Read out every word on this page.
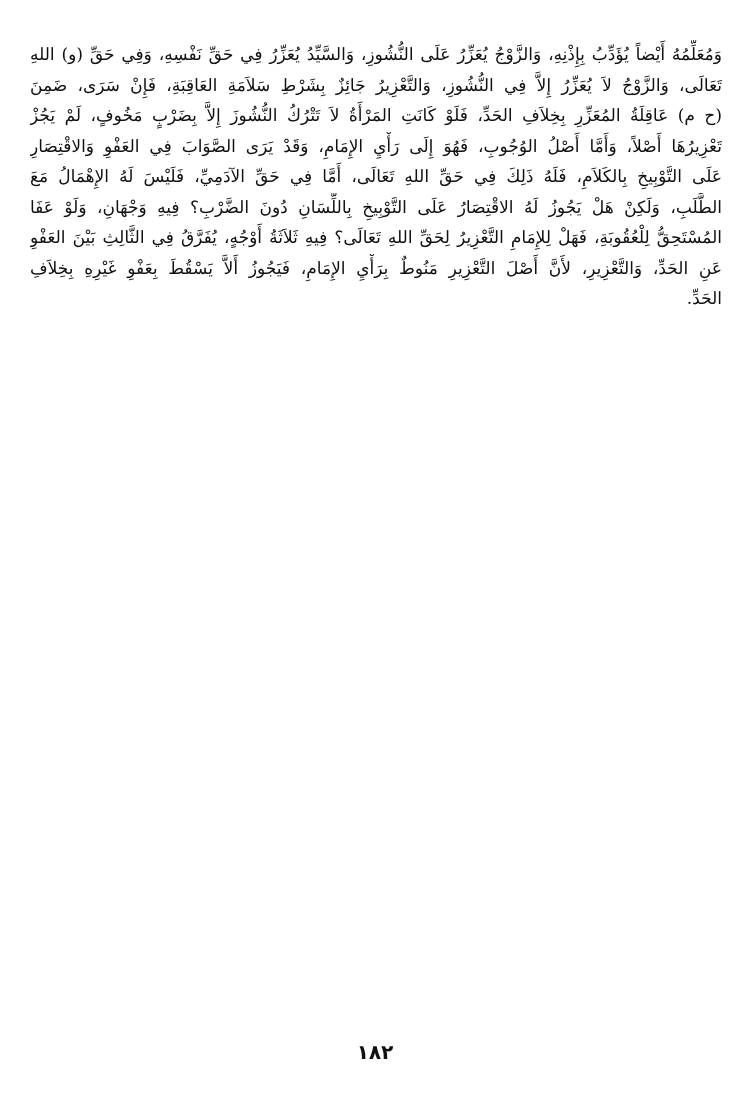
وَمُعَلِّمُهُ أَيْضاً يُؤَدِّبُ بِإِذْنِهِ، وَالزَّوْجُ يُعَزِّرُ عَلَى النُّشُوزِ، وَالسَّيِّدُ يُعَزِّرُ فِي حَقِّ نَفْسِهِ، وَفِي حَقِّ (و) اللهِ
تَعَالَى، وَالزَّوْجُ لاَ يُعَزِّرُ إِلاَّ فِي النُّشُوزِ، وَالتَّعْزِيرُ جَائِزٌ بِشَرْطِ سَلاَمَةِ العَاقِبَةِ، فَإِنْ سَرَى، ضَمِنَ
(ح م) عَاقِلَةُ المُعَزِّرِ بِخِلاَفِ الحَدِّ، فَلَوْ كَانَتِ المَرْأَةُ لاَ تَتْرُكُ النُّشُوزَ إِلاَّ بِضَرْبٍ مَخُوفٍ، لَمْ يَجُزْ
تَعْزِيرُهَا أَصْلاً، وَأَمَّا أَصْلُ الوُجُوبِ، فَهُوَ إِلَى رَأْيِ الإِمَامِ، وَقَدْ يَرَى الصَّوَابَ فِي العَفْوِ وَالاقْتِصَارِ
عَلَى التَّوْبِيخِ بِالكَلاَمِ، فَلَهُ ذَلِكَ فِي حَقِّ اللهِ تَعَالَى، أَمَّا فِي حَقِّ الآدَمِيِّ، فَلَيْسَ لَهُ الإِهْمَالُ مَعَ
الطَّلَبِ، وَلَكِنْ هَلْ يَجُوزُ لَهُ الاقْتِصَارُ عَلَى التَّوْبِيخِ بِاللِّسَانِ دُونَ الضَّرْبِ؟ فِيهِ وَجْهَانِ، وَلَوْ عَفَا
المُسْتَحِقُّ لِلْعُقُوبَةِ، فَهَلْ لِلإِمَامِ التَّعْزِيرُ لِحَقِّ اللهِ تَعَالَى؟ فِيهِ ثَلاَثَةُ أَوْجُهٍ، يُفَرَّقُ فِي الثَّالِثِ بَيْنَ العَفْوِ
عَنِ الحَدِّ، وَالتَّعْزِيرِ، لأَنَّ أَصْلَ التَّعْزِيرِ مَنُوطٌ بِرَأْيِ الإِمَامِ، فَيَجُوزُ أَلاَّ يَسْقُطَ بِعَفْوِ غَيْرِهِ بِخِلاَفِ
الحَدِّ.
١٨٢
